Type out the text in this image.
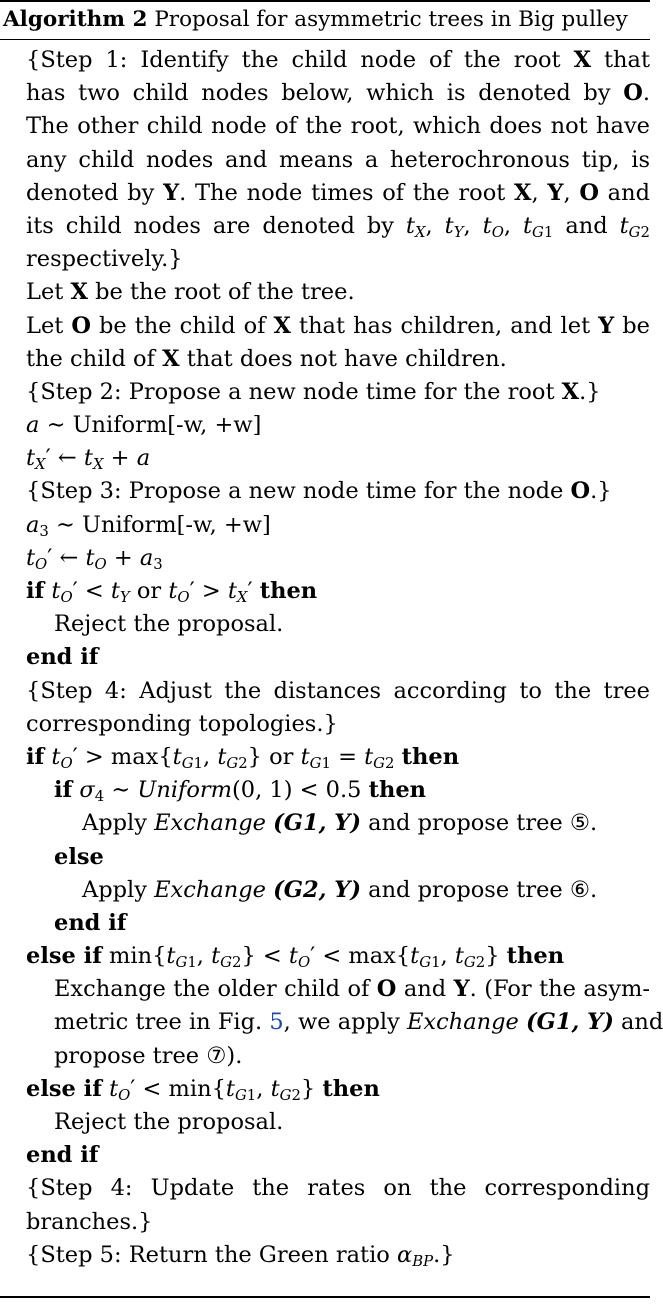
Algorithm 2 Proposal for asymmetric trees in Big pulley
{Step 1: Identify the child node of the root X that
has two child nodes below, which is denoted by O.
The other child node of the root, which does not have
any child nodes and means a heterochronous tip, is
denoted by Y. The node times of the root X, Y, O and
its child nodes are denoted by $t_X$, $t_Y$, $t_O$, $t_G1$ and $t_G2$
respectively.}
Let X be the root of the tree.
Let O be the child of X that has children, and let Y be
the child of X that does not have children.
{Step 2: Propose a new node time for the root X.}
a ∼ Uniform[-w, +w]
$t_X'$ ← $t_X + a$
{Step 3: Propose a new node time for the node O.}
a3 ∼ Uniform[-w, +w]
$t_O'$ ← $t_O + a3$
if $t_O' < t_Y$ or $t_O' > t_X'$ then
Reject the proposal.
end if
{Step 4: Adjust the distances according to the tree
corresponding topologies.}
if $t_O' > \max\{t_G1$, $t_G2$} or $t_G1 = t_G2$ then
if σ4 ∼ Uniform(0, 1) < 0.5 then
Apply Exchange (G1, Y) and propose tree ⑤.
else
Apply Exchange (G2, Y) and propose tree ⑥.
end if
else if $\min\{t_G1$, $t_G2\} < t_O' < \max\{t_G1$, $t_G2$} then
Exchange the older child of O and Y. (For the asym-
metric tree in Fig. 5, we apply Exchange (G1, Y) and
propose tree ⑦).
else if $t_O' < \min\{t_G1$, $t_G2$} then
Reject the proposal.
end if
{Step 4: Update the rates on the corresponding
branches.}
{Step 5: Return the Green ratio $\alpha_{BP}$.}
